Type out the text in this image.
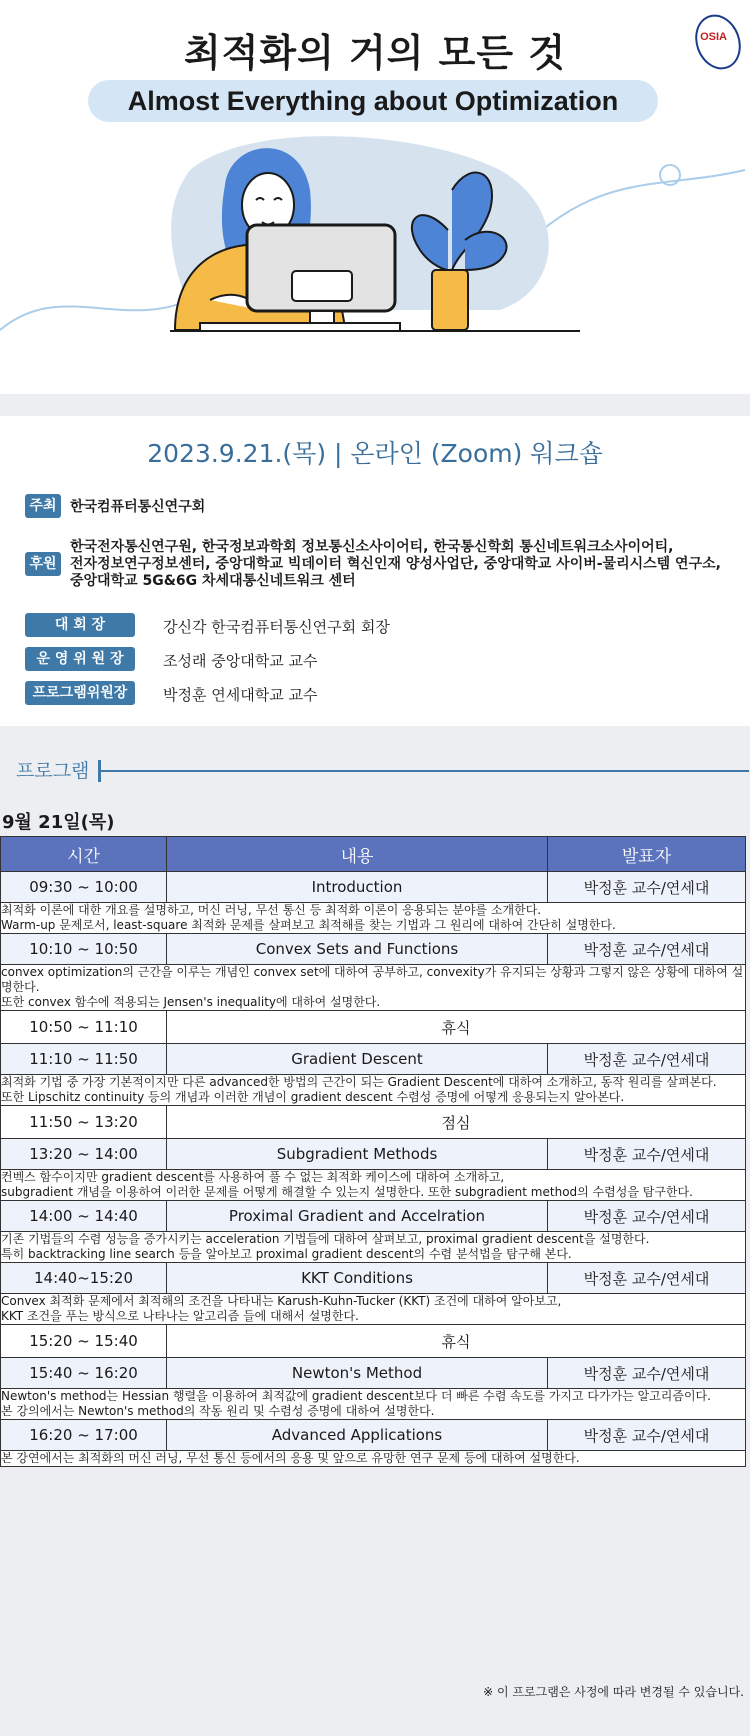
최적화의 거의 모든 것
Almost Everything about Optimization
OSIA
2023.9.21.(목) | 온라인 (Zoom) 워크숍
주최 한국컴퓨터통신연구회
후원
한국전자통신연구원, 한국정보과학회 정보통신소사이어티, 한국통신학회 통신네트워크소사이어티,
전자정보연구정보센터, 중앙대학교 빅데이터 혁신인재 양성사업단, 중앙대학교 사이버-물리시스템 연구소,
중앙대학교 5G&6G 차세대통신네트워크 센터
대 회 장	강신각 한국컴퓨터통신연구회 회장
운 영 위 원 장	조성래 중앙대학교 교수
프로그램위원장	박정훈 연세대학교 교수
프로그램
9월 21일(목)
시간	내용	발표자
09:30 ~ 10:00	Introduction	박정훈 교수/연세대

최적화 이론에 대한 개요를 설명하고, 머신 러닝, 무선 통신 등 최적화 이론이 응용되는 분야를 소개한다.
Warm-up 문제로서, least-square 최적화 문제를 살펴보고 최적해를 찾는 기법과 그 원리에 대하여 간단히 설명한다.		

10:10 ~ 10:50	Convex Sets and Functions	박정훈 교수/연세대

convex optimization의 근간을 이루는 개념인 convex set에 대하여 공부하고, convexity가 유지되는 상황과 그렇지 않은 상황에 대하여 설명한다.
또한 convex 함수에 적용되는 Jensen's inequality에 대하여 설명한다.		

10:50 ~ 11:10	휴식	
11:10 ~ 11:50	Gradient Descent	박정훈 교수/연세대

최적화 기법 중 가장 기본적이지만 다른 advanced한 방법의 근간이 되는 Gradient Descent에 대하여 소개하고, 동작 원리를 살펴본다.
또한 Lipschitz continuity 등의 개념과 이러한 개념이 gradient descent 수렴성 증명에 어떻게 응용되는지 알아본다.		

11:50 ~ 13:20	점심	
13:20 ~ 14:00	Subgradient Methods	박정훈 교수/연세대

컨벡스 함수이지만 gradient descent를 사용하여 풀 수 없는 최적화 케이스에 대하여 소개하고,
subgradient 개념을 이용하여 이러한 문제를 어떻게 해결할 수 있는지 설명한다. 또한 subgradient method의 수렴성을 탐구한다.		

14:00 ~ 14:40	Proximal Gradient and Accelration	박정훈 교수/연세대

기존 기법들의 수렴 성능을 증가시키는 acceleration 기법들에 대하여 살펴보고, proximal gradient descent을 설명한다.
특히 backtracking line search 등을 알아보고 proximal gradient descent의 수렴 분석법을 탐구해 본다.		

14:40~15:20	KKT Conditions	박정훈 교수/연세대

Convex 최적화 문제에서 최적해의 조건을 나타내는 Karush-Kuhn-Tucker (KKT) 조건에 대하여 알아보고,
KKT 조건을 푸는 방식으로 나타나는 알고리즘 들에 대해서 설명한다.		

15:20 ~ 15:40	휴식	
15:40 ~ 16:20	Newton's Method	박정훈 교수/연세대

Newton's method는 Hessian 행렬을 이용하여 최적값에 gradient descent보다 더 빠른 수렴 속도를 가지고 다가가는 알고리즘이다.
본 강의에서는 Newton's method의 작동 원리 및 수렴성 증명에 대하여 설명한다.		

16:20 ~ 17:00	Advanced Applications	박정훈 교수/연세대

본 강연에서는 최적화의 머신 러닝, 무선 통신 등에서의 응용 및 앞으로 유망한 연구 문제 등에 대하여 설명한다.		
※ 이 프로그램은 사정에 따라 변경될 수 있습니다.
